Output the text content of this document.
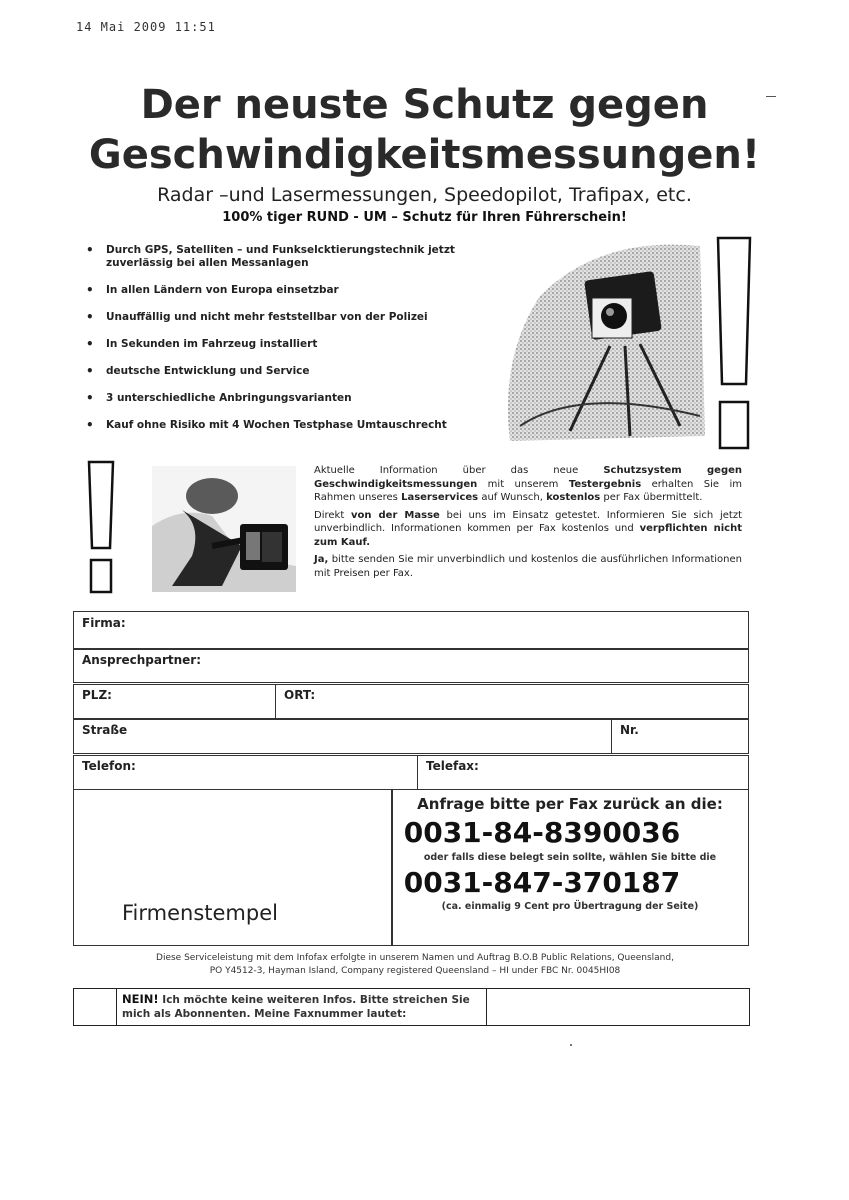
14 Mai 2009 11:51
Der neuste Schutz gegen
Geschwindigkeitsmessungen!
Radar –und Lasermessungen, Speedopilot, Trafipax, etc.
100% tiger RUND - UM – Schutz für Ihren Führerschein!
• Durch GPS, Satelliten – und Funkselcktierungstechnik jetzt zuverlässig bei allen Messanlagen
• In allen Ländern von Europa einsetzbar
• Unauffällig und nicht mehr feststellbar von der Polizei
• In Sekunden im Fahrzeug installiert
• deutsche Entwicklung und Service
• 3 unterschiedliche Anbringungsvarianten
• Kauf ohne Risiko mit 4 Wochen Testphase Umtauschrecht

Aktuelle Information über das neue Schutzsystem gegen Geschwindigkeitsmessungen mit unserem Testergebnis erhalten Sie im Rahmen unseres Laserservices auf Wunsch, kostenlos per Fax übermittelt.

Direkt von der Masse bei uns im Einsatz getestet. Informieren Sie sich jetzt unverbindlich. Informationen kommen per Fax kostenlos und verpflichten nicht zum Kauf.

Ja, bitte senden Sie mir unverbindlich und kostenlos die ausführlichen Informationen mit Preisen per Fax.

Firma:
Ansprechpartner:
PLZ:	ORT:
Straße	Nr.
Telefon:	Telefax:
Firmenstempel
Anfrage bitte per Fax zurück an die:
0031-84-8390036
oder falls diese belegt sein sollte, wählen Sie bitte die
0031-847-370187
(ca. einmalig 9 Cent pro Übertragung der Seite)
Diese Serviceleistung mit dem Infofax erfolgte in unserem Namen und Auftrag B.O.B Public Relations, Queensland,
PO Y4512-3, Hayman Island, Company registered Queensland – HI under FBC Nr. 0045HI08
NEIN! Ich möchte keine weiteren Infos. Bitte streichen Sie mich als Abonnenten. Meine Faxnummer lautet:
